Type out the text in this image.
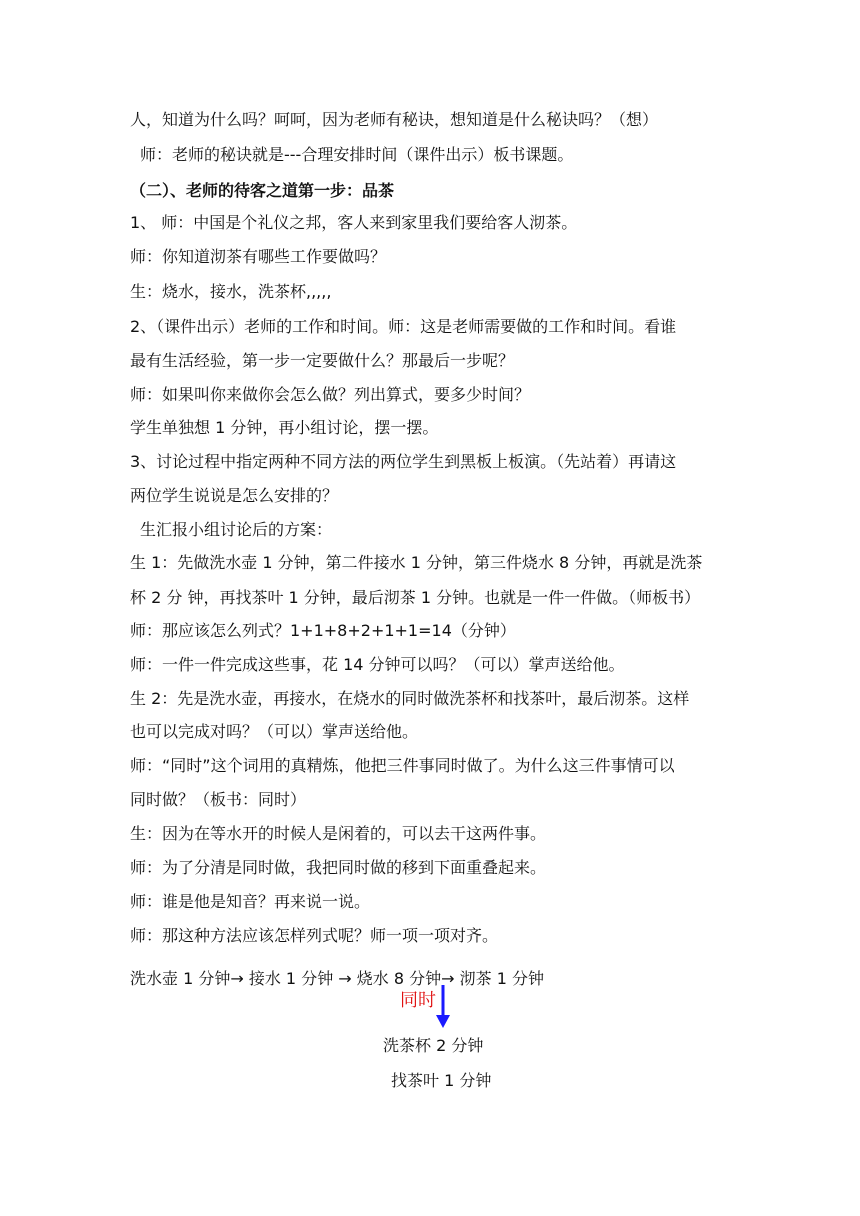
人，知道为什么吗？呵呵，因为老师有秘诀，想知道是什么秘诀吗？（想）
师：老师的秘诀就是---合理安排时间（课件出示）板书课题。
（二）、老师的待客之道第一步：品茶
1、 师：中国是个礼仪之邦，客人来到家里我们要给客人沏茶。
师：你知道沏茶有哪些工作要做吗？
生：烧水，接水，洗茶杯,,,,,
2、（课件出示）老师的工作和时间。师：这是老师需要做的工作和时间。看谁
最有生活经验，第一步一定要做什么？那最后一步呢？
师：如果叫你来做你会怎么做？列出算式，要多少时间？
学生单独想 1 分钟，再小组讨论，摆一摆。
3、讨论过程中指定两种不同方法的两位学生到黑板上板演。（先站着）再请这
两位学生说说是怎么安排的？
生汇报小组讨论后的方案：
生 1：先做洗水壶 1 分钟，第二件接水 1 分钟，第三件烧水 8 分钟，再就是洗茶
杯 2 分 钟，再找茶叶 1 分钟，最后沏茶 1 分钟。也就是一件一件做。（师板书）
师：那应该怎么列式？1+1+8+2+1+1=14（分钟）
师：一件一件完成这些事，花 14 分钟可以吗？（可以）掌声送给他。
生 2：先是洗水壶，再接水，在烧水的同时做洗茶杯和找茶叶，最后沏茶。这样
也可以完成对吗？（可以）掌声送给他。
师：“同时”这个词用的真精炼，他把三件事同时做了。为什么这三件事情可以
同时做？（板书：同时）
生：因为在等水开的时候人是闲着的，可以去干这两件事。
师：为了分清是同时做，我把同时做的移到下面重叠起来。
师：谁是他是知音？再来说一说。
师：那这种方法应该怎样列式呢？师一项一项对齐。
洗水壶 1 分钟→ 接水 1 分钟 → 烧水 8 分钟→ 沏茶 1 分钟
同时
洗茶杯 2 分钟
找茶叶 1 分钟
